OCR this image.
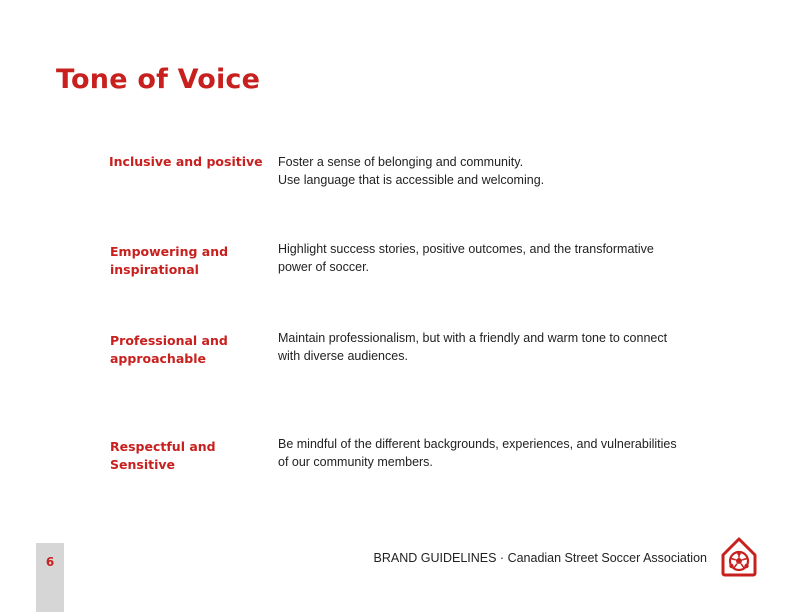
Tone of Voice

Inclusive and positive	Foster a sense of belonging and community.
Use language that is accessible and welcoming.

Empowering and inspirational

Highlight success stories, positive outcomes, and the transformative
power of soccer.

Professional and approachable

Maintain professionalism, but with a friendly and warm tone to connect
with diverse audiences.

Respectful and Sensitive

Be mindful of the different backgrounds, experiences, and vulnerabilities
of our community members.

6	BRAND GUIDELINES · Canadian Street Soccer Association
